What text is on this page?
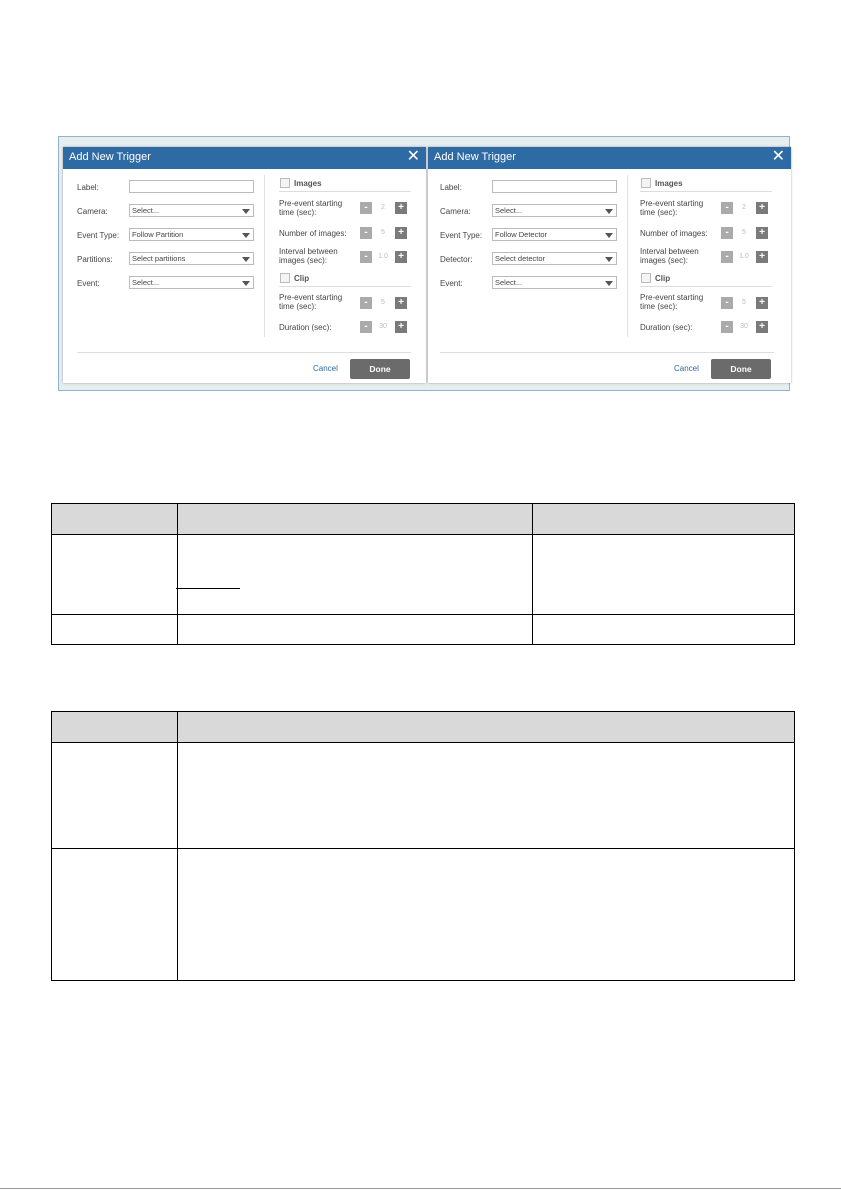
Add New Trigger	✕
Label:
Camera:	Select...
Event Type: Follow Partition
Partitions:	Select partitions
Event:	Select...
Images
Pre-event starting
time (sec):	-	2	+
Number of images:	-	5	+
Interval between
images (sec):	-	1.0	+
Clip
Pre-event starting
time (sec):	-	5	+
Duration (sec):	-	30	+
Cancel	Done
Add New Trigger	✕
Label:
Camera:	Select...
Event Type: Follow Detector
Detector:	Select detector
Event:	Select...
Images
Pre-event starting
time (sec):	-	2	+
Number of images:	-	5	+
Interval between
images (sec):	-	1.0	+
Clip
Pre-event starting
time (sec):	-	5	+
Duration (sec):	-	30	+
Cancel	Done
